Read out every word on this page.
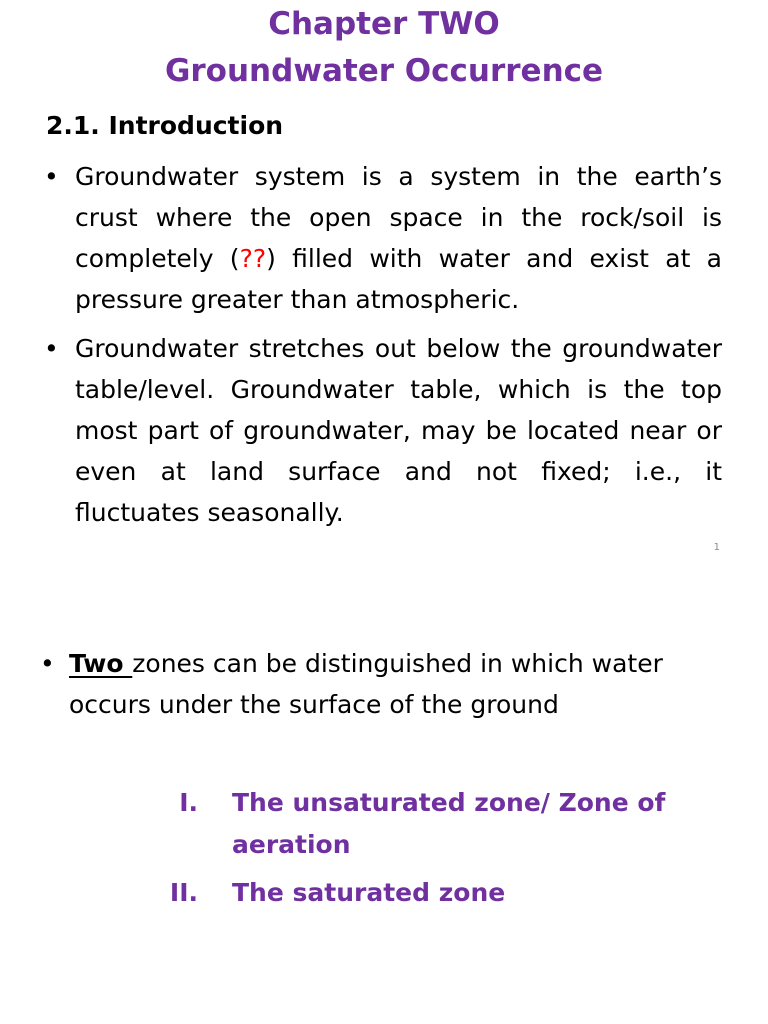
Chapter TWO
Groundwater Occurrence
2.1. Introduction
• Groundwater system is a system in the earth’s crust where the open space in the rock/soil is completely (??) filled with water and exist at a pressure greater than atmospheric.
• Groundwater stretches out below the groundwater table/level. Groundwater table, which is the top most part of groundwater, may be located near or even at land surface and not fixed; i.e., it fluctuates seasonally.
1
• Two zones can be distinguished in which water occurs under the surface of the ground
I. The unsaturated zone/ Zone of aeration
II. The saturated zone
